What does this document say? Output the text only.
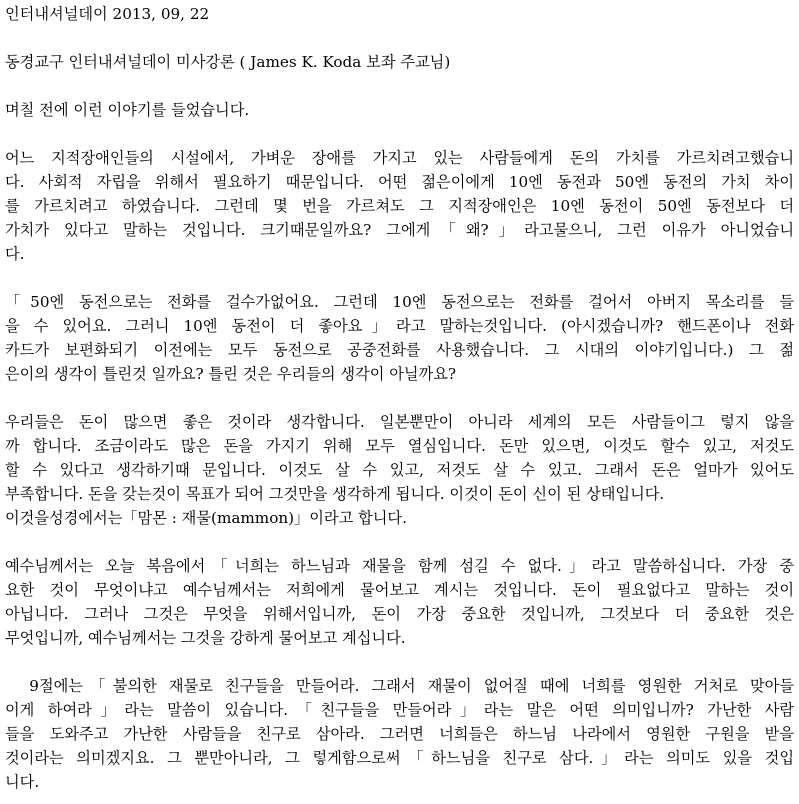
인터내셔널데이 2013, 09, 22
동경교구 인터내셔널데이 미사강론 ( James K. Koda 보좌 주교님)
며칠 전에 이런 이야기를 들었습니다.
어느 지적장애인들의 시설에서, 가벼운 장애를 가지고 있는 사람들에게 돈의 가치를 가르치려고했습니
다. 사회적 자립을 위해서 필요하기 때문입니다. 어떤 젊은이에게 10엔 동전과 50엔 동전의 가치 차이
를 가르치려고 하였습니다. 그런데 몇 번을 가르쳐도 그 지적장애인은 10엔 동전이 50엔 동전보다 더
가치가 있다고 말하는 것입니다. 크기때문일까요? 그에게「왜?」라고물으니, 그런 이유가 아니었습니
다.
「50엔 동전으로는 전화를 걸수가없어요. 그런데 10엔 동전으로는 전화를 걸어서 아버지 목소리를 들
을 수 있어요. 그러니 10엔 동전이 더 좋아요」라고 말하는것입니다. (아시겠습니까? 핸드폰이나 전화
카드가 보편화되기 이전에는 모두 동전으로 공중전화를 사용했습니다. 그 시대의 이야기입니다.) 그 젊
은이의 생각이 틀린것 일까요? 틀린 것은 우리들의 생각이 아닐까요?
우리들은 돈이 많으면 좋은 것이라 생각합니다. 일본뿐만이 아니라 세계의 모든 사람들이그 렇지 않을
까 합니다. 조금이라도 많은 돈을 가지기 위해 모두 열심입니다. 돈만 있으면, 이것도 할수 있고, 저것도
할 수 있다고 생각하기때 문입니다. 이것도 살 수 있고, 저것도 살 수 있고. 그래서 돈은 얼마가 있어도
부족합니다. 돈을 갖는것이 목표가 되어 그것만을 생각하게 됩니다. 이것이 돈이 신이 된 상태입니다.
이것을성경에서는「맘몬 : 재물(mammon)」이라고 합니다.
예수님께서는 오늘 복음에서「너희는 하느님과 재물을 함께 섬길 수 없다.」라고 말씀하십니다. 가장 중
요한 것이 무엇이냐고 예수님께서는 저희에게 물어보고 계시는 것입니다. 돈이 필요없다고 말하는 것이
아닙니다. 그러나 그것은 무엇을 위해서입니까, 돈이 가장 중요한 것입니까, 그것보다 더 중요한 것은
무엇입니까, 예수님께서는 그것을 강하게 물어보고 계십니다.
9절에는「불의한 재물로 친구들을 만들어라. 그래서 재물이 없어질 때에 너희를 영원한 거처로 맞아들
이게 하여라」라는 말씀이 있습니다.「친구들을 만들어라」라는 말은 어떤 의미입니까? 가난한 사람
들을 도와주고 가난한 사람들을 친구로 삼아라. 그러면 너희들은 하느님 나라에서 영원한 구원을 받을
것이라는 의미겠지요. 그 뿐만아니라, 그 렇게함으로써「하느님을 친구로 삼다.」라는 의미도 있을 것입
니다.
